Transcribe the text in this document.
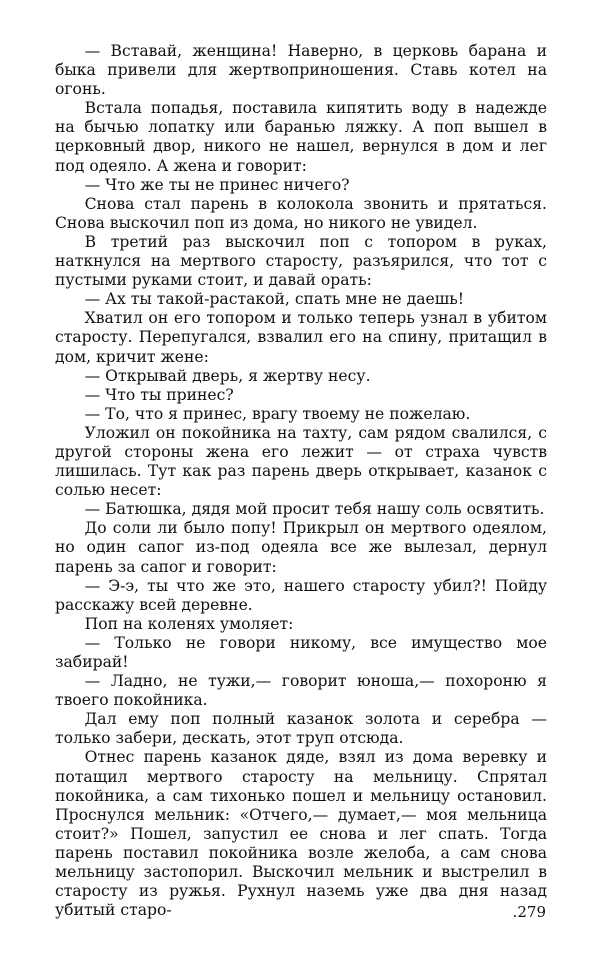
— Вставай, женщина! Наверно, в церковь барана и быка привели для жертвоприношения. Ставь котел на огонь.

Встала попадья, поставила кипятить воду в надежде на бычью лопатку или баранью ляжку. А поп вышел в церковный двор, никого не нашел, вернулся в дом и лег под одеяло. А жена и говорит:

— Что же ты не принес ничего?

Снова стал парень в колокола звонить и прятаться. Снова выскочил поп из дома, но никого не увидел.

В третий раз выскочил поп с топором в руках, наткнулся на мертвого старосту, разъярился, что тот с пустыми руками стоит, и давай орать:

— Ах ты такой-растакой, спать мне не даешь!

Хватил он его топором и только теперь узнал в убитом старосту. Перепугался, взвалил его на спину, притащил в дом, кричит жене:

— Открывай дверь, я жертву несу.

— Что ты принес?

— То, что я принес, врагу твоему не пожелаю.

Уложил он покойника на тахту, сам рядом свалился, с другой стороны жена его лежит — от страха чувств лишилась. Тут как раз парень дверь открывает, казанок с солью несет:

— Батюшка, дядя мой просит тебя нашу соль освятить.

До соли ли было попу! Прикрыл он мертвого одеялом, но один сапог из-под одеяла все же вылезал, дернул парень за сапог и говорит:

— Э-э, ты что же это, нашего старосту убил?! Пойду расскажу всей деревне.

Поп на коленях умоляет:

— Только не говори никому, все имущество мое забирай!

— Ладно, не тужи,— говорит юноша,— похороню я твоего покойника.

Дал ему поп полный казанок золота и серебра — только забери, дескать, этот труп отсюда.

Отнес парень казанок дяде, взял из дома веревку и потащил мертвого старосту на мельницу. Спрятал покойника, а сам тихонько пошел и мельницу остановил. Проснулся мельник: «Отчего,— думает,— моя мельница стоит?» Пошел, запустил ее снова и лег спать. Тогда парень поставил покойника возле желоба, а сам снова мельницу застопорил. Выскочил мельник и выстрелил в старосту из ружья. Рухнул наземь уже два дня назад убитый старо-	.279
